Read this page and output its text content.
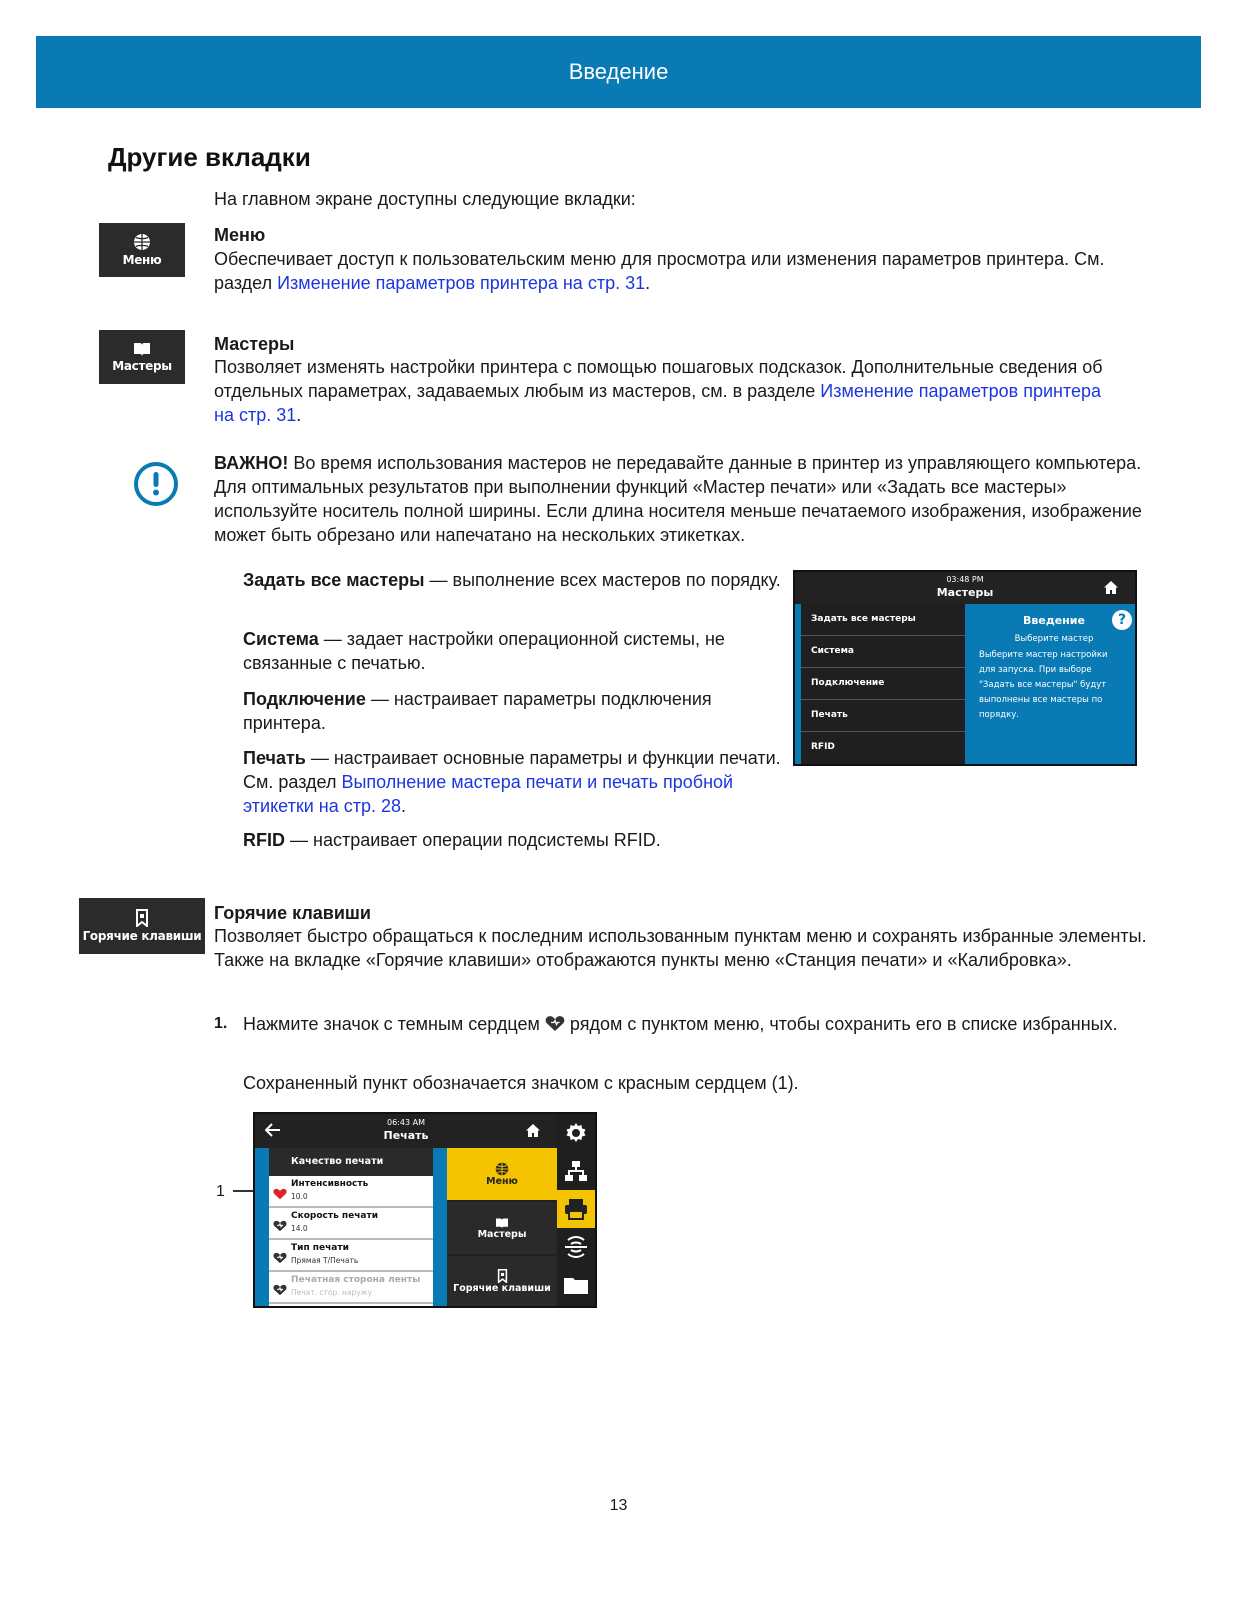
Введение
Другие вкладки
На главном экране доступны следующие вкладки:
Меню
Меню
Обеспечивает доступ к пользовательским меню для просмотра или изменения параметров принтера. См. раздел Изменение параметров принтера на стр. 31.
Мастеры
Мастеры
Позволяет изменять настройки принтера с помощью пошаговых подсказок. Дополнительные сведения об отдельных параметрах, задаваемых любым из мастеров, см. в разделе Изменение параметров принтера на стр. 31.
ВАЖНО! Во время использования мастеров не передавайте данные в принтер из управляющего компьютера. Для оптимальных результатов при выполнении функций «Мастер печати» или «Задать все мастеры» используйте носитель полной ширины. Если длина носителя меньше печатаемого изображения, изображение может быть обрезано или напечатано на нескольких этикетках.
Задать все мастеры — выполнение всех мастеров по порядку.
Система — задает настройки операционной системы, не связанные с печатью.
Подключение — настраивает параметры подключения принтера.
Печать — настраивает основные параметры и функции печати. См. раздел Выполнение мастера печати и печать пробной этикетки на стр. 28.
RFID — настраивает операции подсистемы RFID.
03:48 PM
Мастеры
Задать все мастеры
Система
Подключение
Печать
RFID
Введение	?
Выберите мастер
Выберите мастер настройки для запуска. При выборе "Задать все мастеры" будут выполнены все мастеры по порядку.
Горячие клавиши
Горячие клавиши
Позволяет быстро обращаться к последним использованным пунктам меню и сохранять избранные элементы. Также на вкладке «Горячие клавиши» отображаются пункты меню «Станция печати» и «Калибровка».
1. Нажмите значок с темным сердцем  рядом с пунктом меню, чтобы сохранить его в списке избранных.
Сохраненный пункт обозначается значком с красным сердцем (1).
1
06:43 AM
Печать
Качество печати
Интенсивность
10.0
Скорость печати
14.0
Тип печати
Прямая Т/Печать
Печатная сторона ленты
Печат. стор. наружу
Меню
Мастеры
Горячие клавиши
13
